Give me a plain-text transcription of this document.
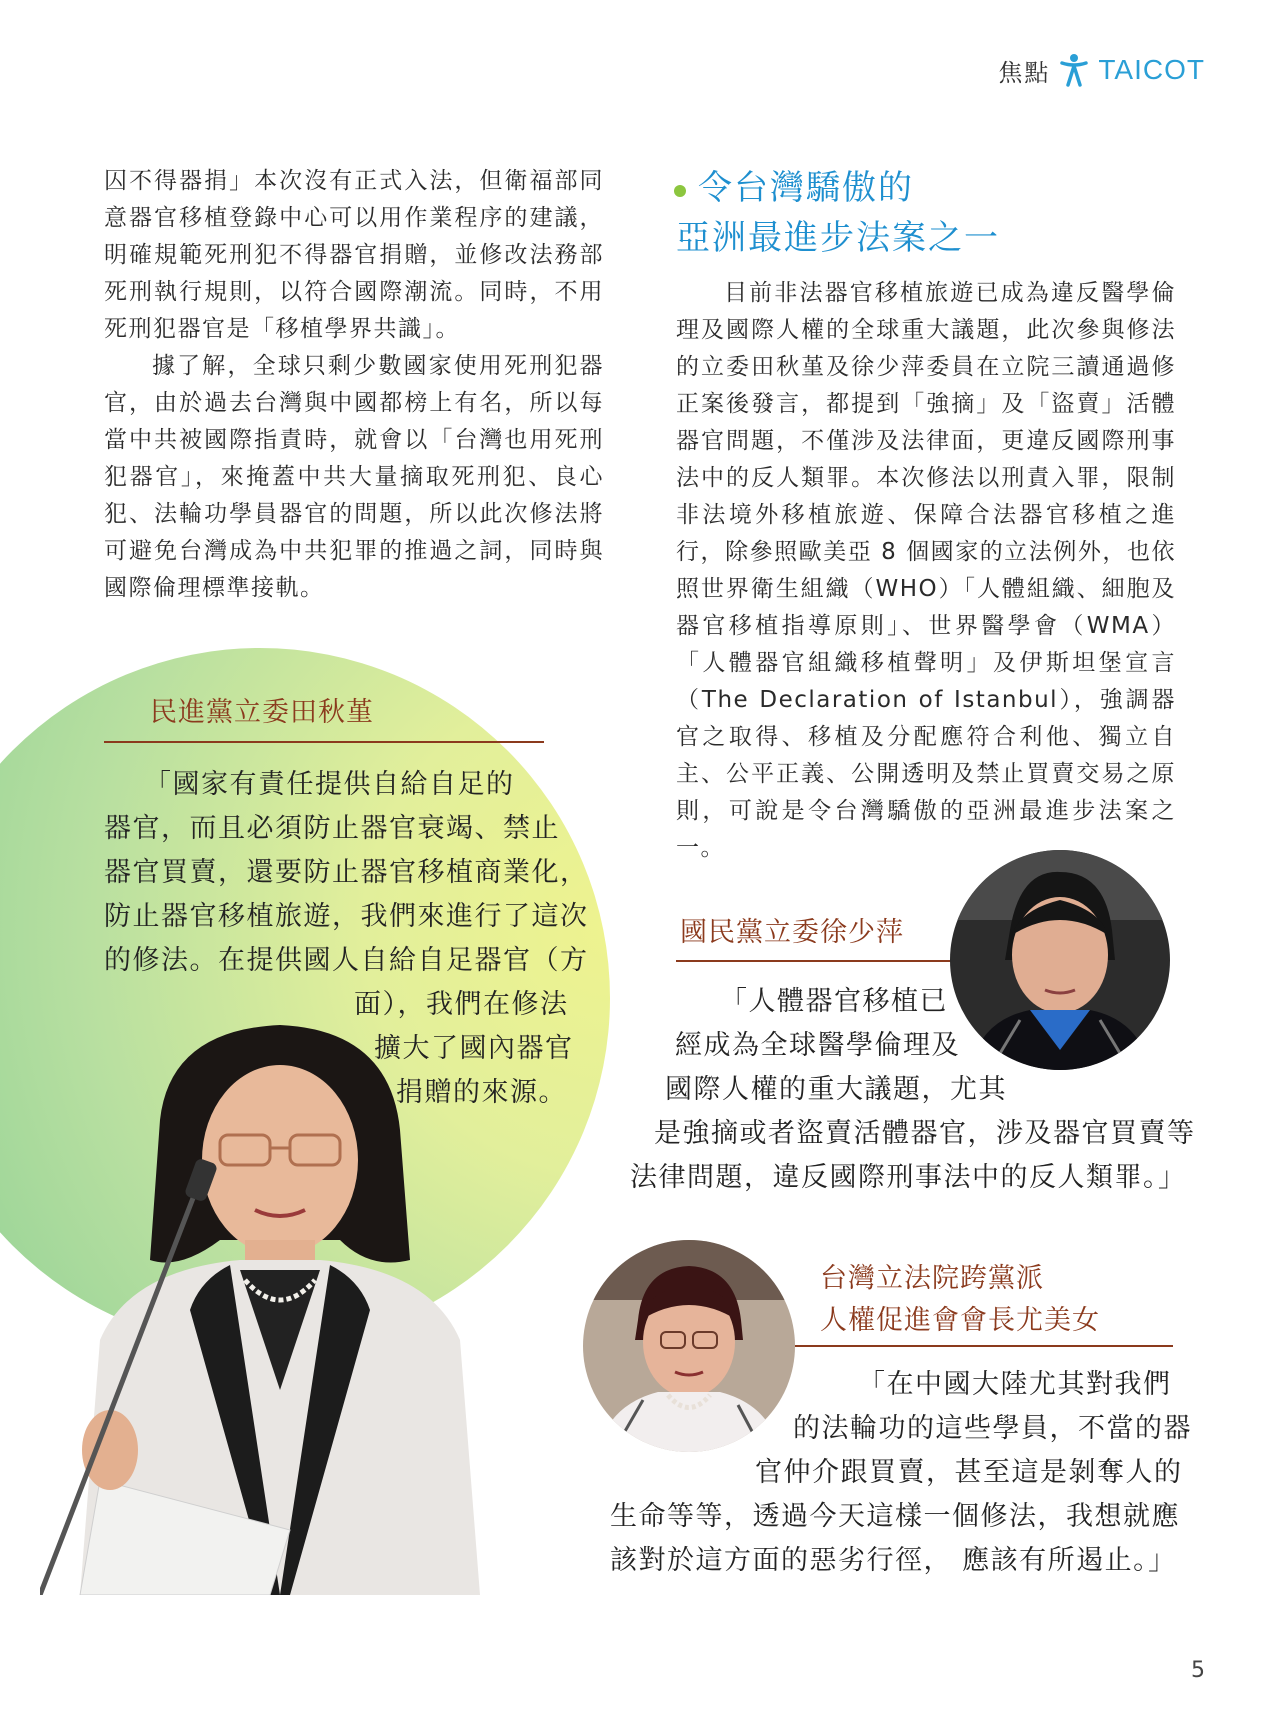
焦點 TAICOT

囚不得器捐」本次沒有正式入法，但衛福部同意器官移植登錄中心可以用作業程序的建議，明確規範死刑犯不得器官捐贈，並修改法務部死刑執行規則，以符合國際潮流。同時，不用死刑犯器官是「移植學界共識」。

據了解，全球只剩少數國家使用死刑犯器官，由於過去台灣與中國都榜上有名，所以每當中共被國際指責時，就會以「台灣也用死刑犯器官」，來掩蓋中共大量摘取死刑犯、良心犯、法輪功學員器官的問題，所以此次修法將可避免台灣成為中共犯罪的推過之詞，同時與國際倫理標準接軌。

令台灣驕傲的
亞洲最進步法案之一

目前非法器官移植旅遊已成為違反醫學倫理及國際人權的全球重大議題，此次參與修法的立委田秋堇及徐少萍委員在立院三讀通過修正案後發言，都提到「強摘」及「盜賣」活體器官問題，不僅涉及法律面，更違反國際刑事法中的反人類罪。本次修法以刑責入罪，限制非法境外移植旅遊、保障合法器官移植之進行，除參照歐美亞 8 個國家的立法例外，也依照世界衛生組織（WHO）「人體組織、細胞及器官移植指導原則」、世界醫學會（WMA）「人體器官組織移植聲明」及伊斯坦堡宣言（The Declaration of Istanbul），強調器官之取得、移植及分配應符合利他、獨立自主、公平正義、公開透明及禁止買賣交易之原則，可說是令台灣驕傲的亞洲最進步法案之一。

民進黨立委田秋堇
「國家有責任提供自給自足的
器官，而且必須防止器官衰竭、禁止
器官買賣，還要防止器官移植商業化，
防止器官移植旅遊，我們來進行了這次
的修法。在提供國人自給自足器官（方
面），我們在修法
擴大了國內器官
捐贈的來源。
國民黨立委徐少萍
「人體器官移植已
經成為全球醫學倫理及
國際人權的重大議題，尤其
是強摘或者盜賣活體器官，涉及器官買賣等
法律問題，違反國際刑事法中的反人類罪。」
台灣立法院跨黨派
人權促進會會長尤美女
「在中國大陸尤其對我們
的法輪功的這些學員，不當的器
官仲介跟買賣，甚至這是剝奪人的
生命等等，透過今天這樣一個修法，我想就應
該對於這方面的惡劣行徑， 應該有所遏止。」
5
